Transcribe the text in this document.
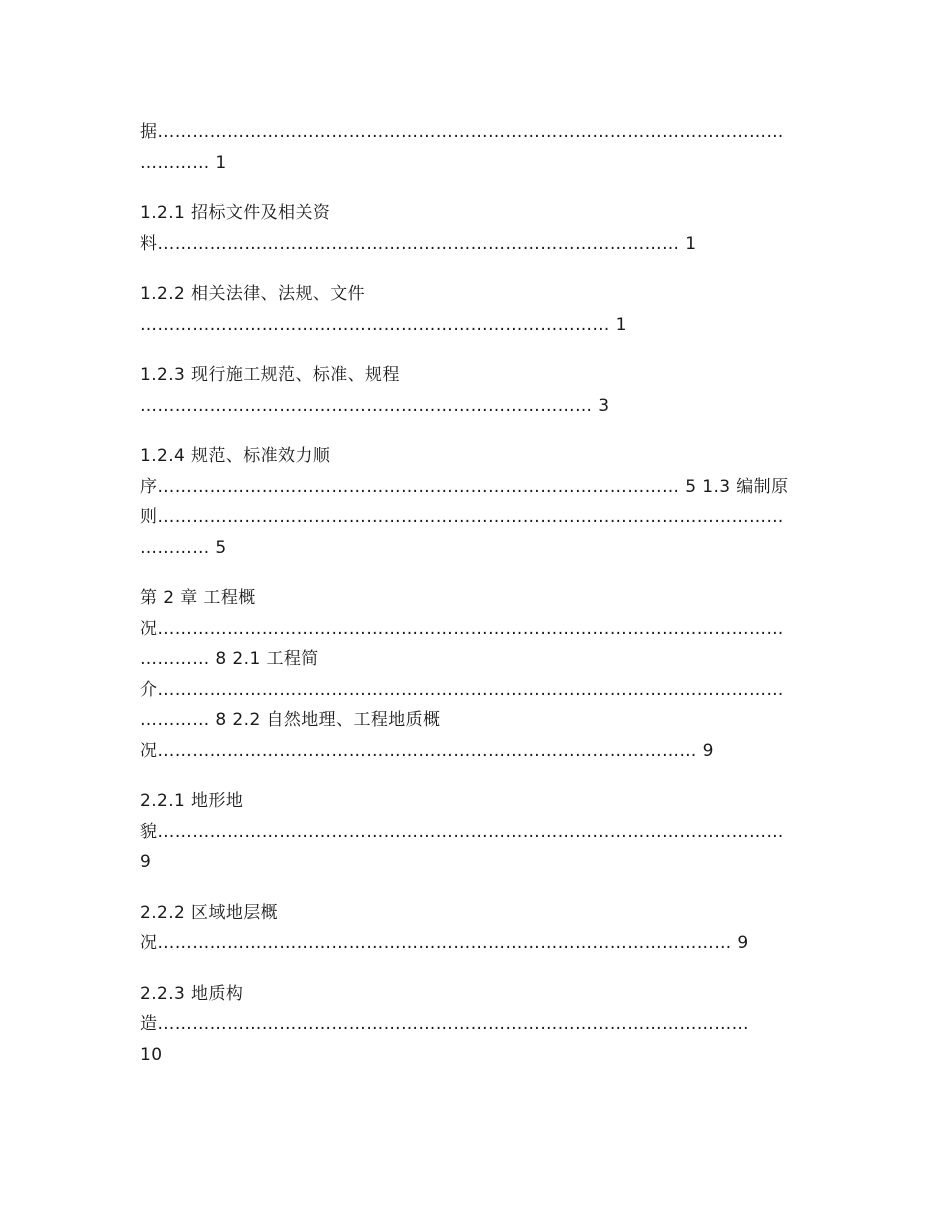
据………………………………………………………………………………………………
………… 1
1.2.1 招标文件及相关资
料……………………………………………………………………………… 1
1.2.2 相关法律、法规、文件
……………………………………………………………………… 1
1.2.3 现行施工规范、标准、规程
…………………………………………………………………… 3
1.2.4 规范、标准效力顺
序……………………………………………………………………………… 5 1.3 编制原
则………………………………………………………………………………………………
………… 5
第 2 章 工程概
况………………………………………………………………………………………………
………… 8 2.1 工程简
介………………………………………………………………………………………………
………… 8 2.2 自然地理、工程地质概
况………………………………………………………………………………… 9
2.2.1 地形地
貌………………………………………………………………………………………………
9
2.2.2 区域地层概
况……………………………………………………………………………………… 9
2.2.3 地质构
造…………………………………………………………………………………………
10
